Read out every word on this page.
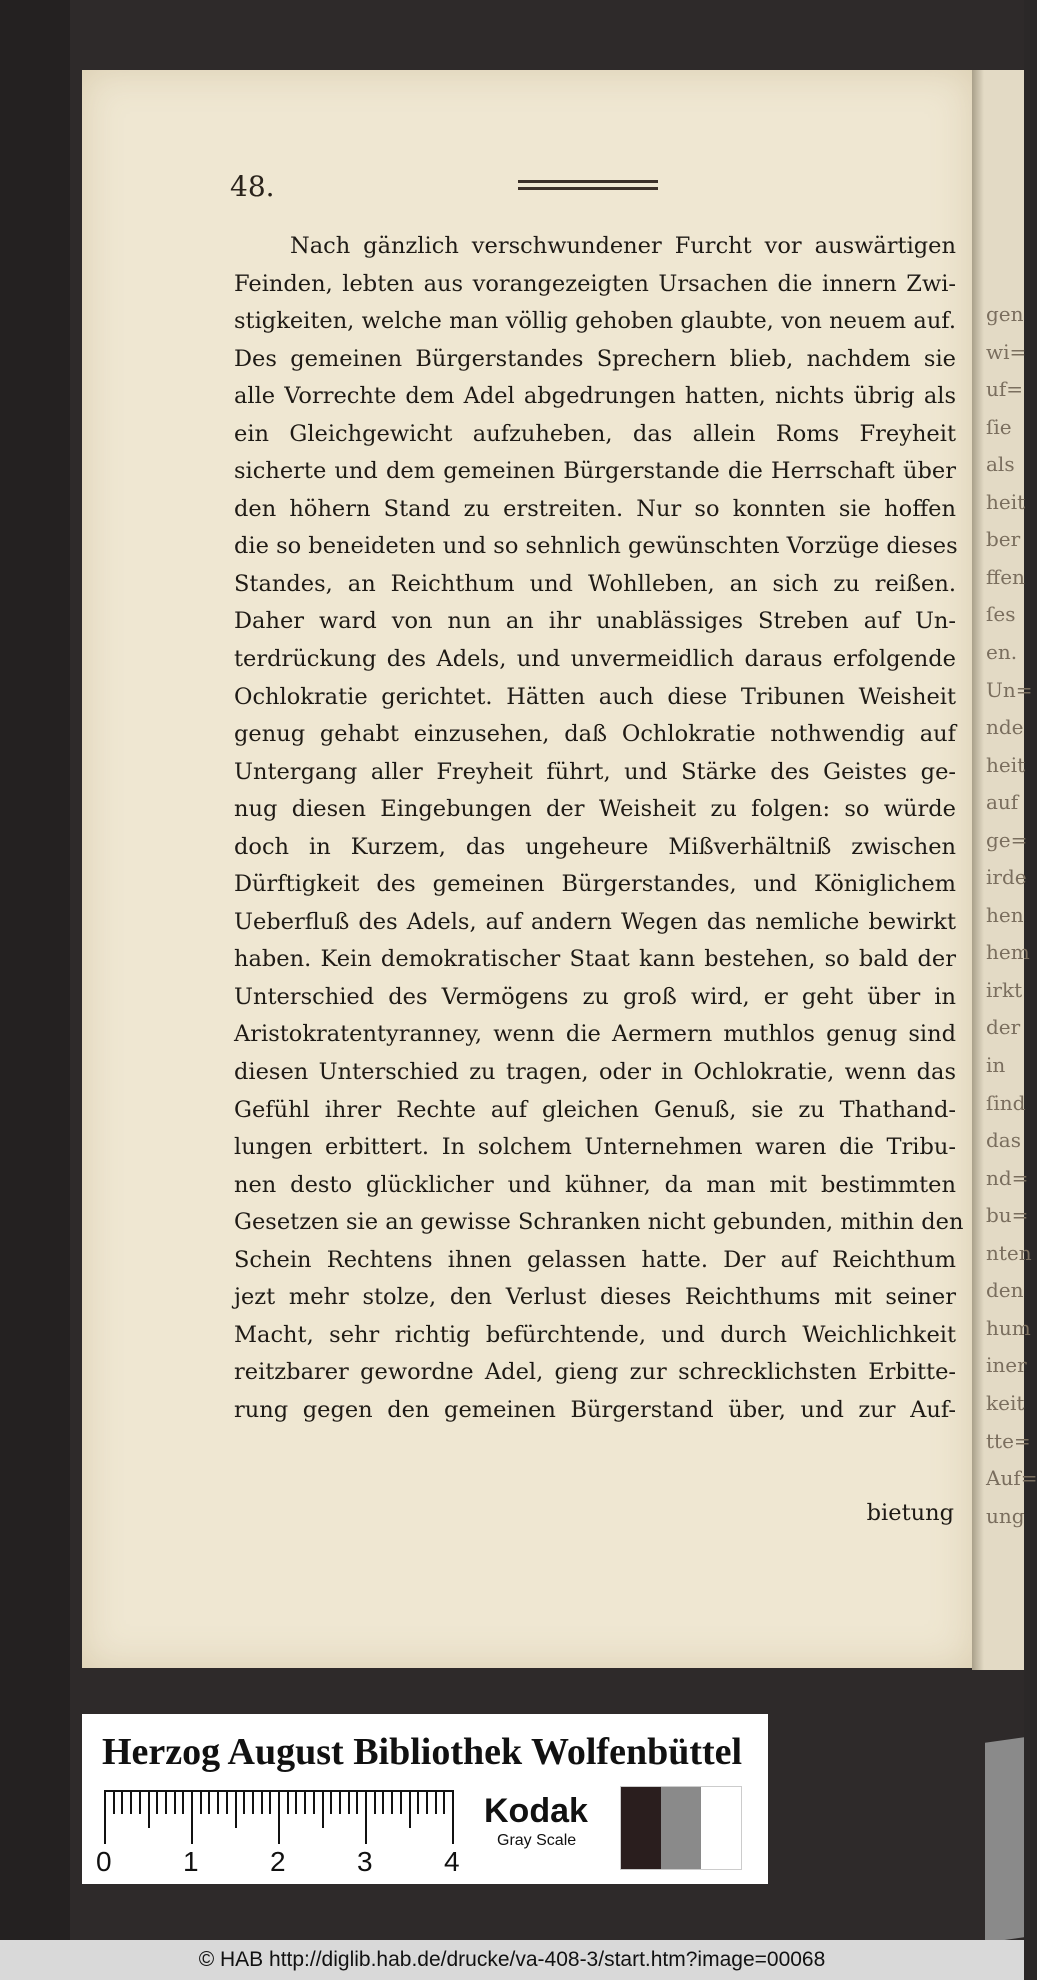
gen
wi=
uf=
ſie
als
heit
ber
ffen
ſes
en.
Un=
nde
heit
auf
ge=
irde
hen
hem
irkt
der
in
ſind
das
nd=
bu=
nten
den
hum
iner
keit
tte=
Auf=
ung
48.
Nach gänzlich verschwundener Furcht vor auswärtigen
Feinden, lebten aus vorangezeigten Ursachen die innern Zwi-
stigkeiten, welche man völlig gehoben glaubte, von neuem auf.
Des gemeinen Bürgerstandes Sprechern blieb, nachdem sie
alle Vorrechte dem Adel abgedrungen hatten, nichts übrig als
ein Gleichgewicht aufzuheben, das allein Roms Freyheit
sicherte und dem gemeinen Bürgerstande die Herrschaft über
den höhern Stand zu erstreiten. Nur so konnten sie hoffen
die so beneideten und so sehnlich gewünschten Vorzüge dieses
Standes, an Reichthum und Wohlleben, an sich zu reißen.
Daher ward von nun an ihr unablässiges Streben auf Un-
terdrückung des Adels, und unvermeidlich daraus erfolgende
Ochlokratie gerichtet. Hätten auch diese Tribunen Weisheit
genug gehabt einzusehen, daß Ochlokratie nothwendig auf
Untergang aller Freyheit führt, und Stärke des Geistes ge-
nug diesen Eingebungen der Weisheit zu folgen: so würde
doch in Kurzem, das ungeheure Mißverhältniß zwischen
Dürftigkeit des gemeinen Bürgerstandes, und Königlichem
Ueberfluß des Adels, auf andern Wegen das nemliche bewirkt
haben. Kein demokratischer Staat kann bestehen, so bald der
Unterschied des Vermögens zu groß wird, er geht über in
Aristokratentyranney, wenn die Aermern muthlos genug sind
diesen Unterschied zu tragen, oder in Ochlokratie, wenn das
Gefühl ihrer Rechte auf gleichen Genuß, sie zu Thathand-
lungen erbittert. In solchem Unternehmen waren die Tribu-
nen desto glücklicher und kühner, da man mit bestimmten
Gesetzen sie an gewisse Schranken nicht gebunden, mithin den
Schein Rechtens ihnen gelassen hatte. Der auf Reichthum
jezt mehr stolze, den Verlust dieses Reichthums mit seiner
Macht, sehr richtig befürchtende, und durch Weichlichkeit
reitzbarer gewordne Adel, gieng zur schrecklichsten Erbitte-
rung gegen den gemeinen Bürgerstand über, und zur Auf-
bietung
Herzog August Bibliothek Wolfenbüttel
Kodak
Gray Scale
0	1	2	3	4
© HAB http://diglib.hab.de/drucke/va-408-3/start.htm?image=00068
